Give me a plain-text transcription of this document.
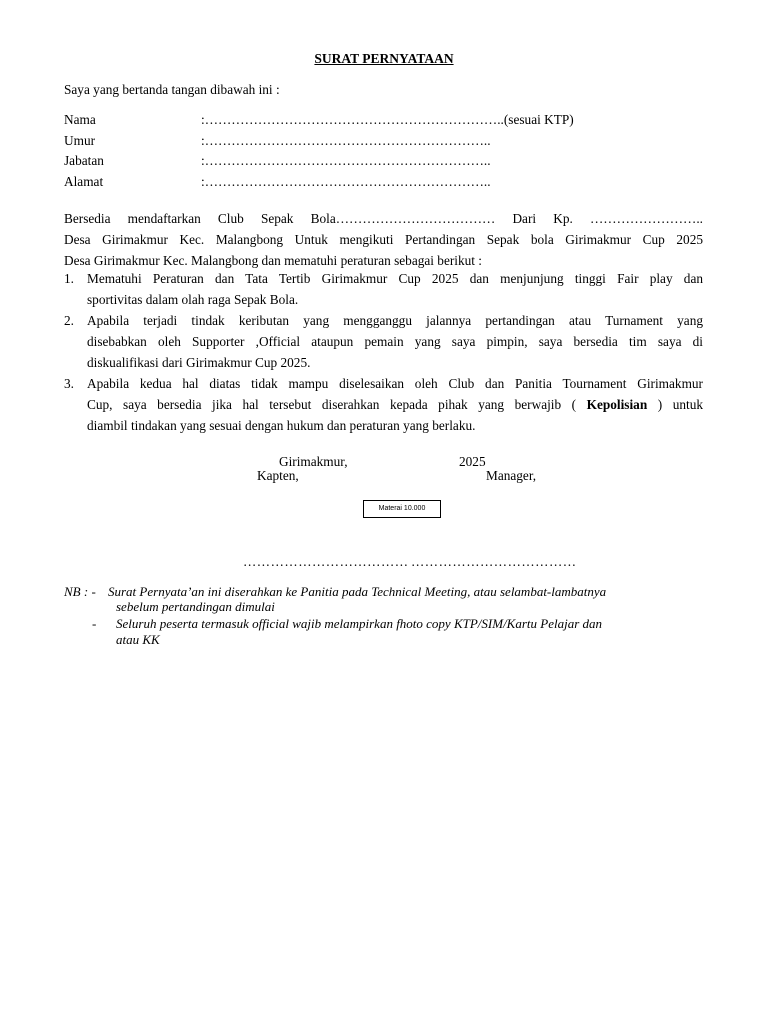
SURAT PERNYATAAN
Saya yang bertanda tangan dibawah ini :
Nama	:…………………………………………………………..(sesuai KTP)
Umur	:………………………………………………………..
Jabatan	:………………………………………………………..
Alamat	:………………………………………………………..
Bersedia mendaftarkan Club Sepak Bola……………………………… Dari Kp. ……………………..
Desa Girimakmur Kec. Malangbong Untuk mengikuti Pertandingan Sepak bola Girimakmur Cup 2025
Desa Girimakmur Kec. Malangbong dan mematuhi peraturan sebagai berikut :
1. Mematuhi Peraturan dan Tata Tertib Girimakmur Cup 2025 dan menjunjung tinggi Fair play dan
sportivitas dalam olah raga Sepak Bola.
2. Apabila terjadi tindak keributan yang mengganggu jalannya pertandingan atau Turnament yang
disebabkan oleh Supporter ,Official ataupun pemain yang saya pimpin, saya bersedia tim saya di
diskualifikasi dari Girimakmur Cup 2025.
3. Apabila kedua hal diatas tidak mampu diselesaikan oleh Club dan Panitia Tournament Girimakmur
Cup, saya bersedia jika hal tersebut diserahkan kepada pihak yang berwajib ( Kepolisian ) untuk
diambil tindakan yang sesuai dengan hukum dan peraturan yang berlaku.
Girimakmur,	2025
Kapten,	Manager,
Materai 10.000
……………………………… ………………………………
NB : - Surat Pernyata’an ini diserahkan ke Panitia pada Technical Meeting, atau selambat-lambatnya
sebelum pertandingan dimulai
- Seluruh peserta termasuk official wajib melampirkan fhoto copy KTP/SIM/Kartu Pelajar dan
atau KK
